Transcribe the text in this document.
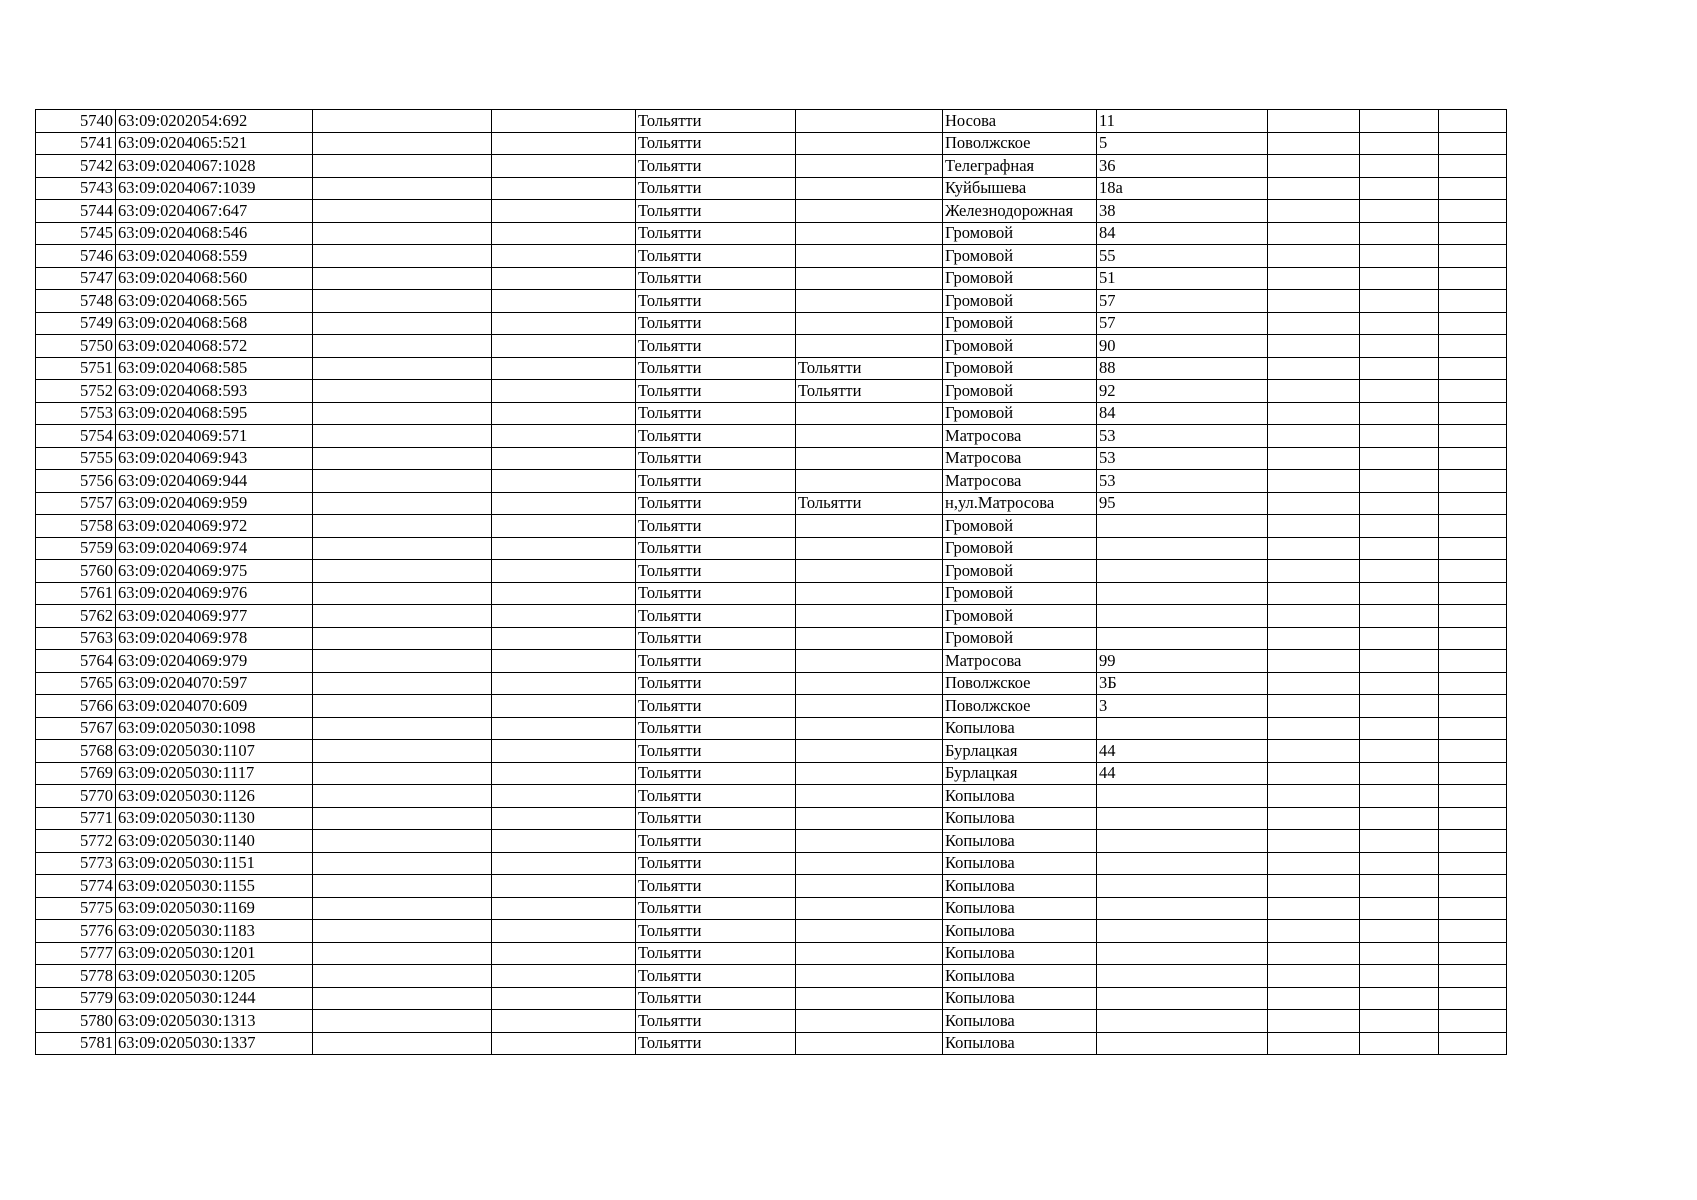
5740	63:09:0202054:692			Тольятти		Носова	11			
5741	63:09:0204065:521			Тольятти		Поволжское	5			
5742	63:09:0204067:1028			Тольятти		Телеграфная	36			
5743	63:09:0204067:1039			Тольятти		Куйбышева	18а			
5744	63:09:0204067:647			Тольятти		Железнодорожная	38			
5745	63:09:0204068:546			Тольятти		Громовой	84			
5746	63:09:0204068:559			Тольятти		Громовой	55			
5747	63:09:0204068:560			Тольятти		Громовой	51			
5748	63:09:0204068:565			Тольятти		Громовой	57			
5749	63:09:0204068:568			Тольятти		Громовой	57			
5750	63:09:0204068:572			Тольятти		Громовой	90			
5751	63:09:0204068:585			Тольятти	Тольятти	Громовой	88			
5752	63:09:0204068:593			Тольятти	Тольятти	Громовой	92			
5753	63:09:0204068:595			Тольятти		Громовой	84			
5754	63:09:0204069:571			Тольятти		Матросова	53			
5755	63:09:0204069:943			Тольятти		Матросова	53			
5756	63:09:0204069:944			Тольятти		Матросова	53			
5757	63:09:0204069:959			Тольятти	Тольятти	н,ул.Матросова	95			
5758	63:09:0204069:972			Тольятти		Громовой				
5759	63:09:0204069:974			Тольятти		Громовой				
5760	63:09:0204069:975			Тольятти		Громовой				
5761	63:09:0204069:976			Тольятти		Громовой				
5762	63:09:0204069:977			Тольятти		Громовой				
5763	63:09:0204069:978			Тольятти		Громовой				
5764	63:09:0204069:979			Тольятти		Матросова	99			
5765	63:09:0204070:597			Тольятти		Поволжское	3Б			
5766	63:09:0204070:609			Тольятти		Поволжское	3			
5767	63:09:0205030:1098			Тольятти		Копылова				
5768	63:09:0205030:1107			Тольятти		Бурлацкая	44			
5769	63:09:0205030:1117			Тольятти		Бурлацкая	44			
5770	63:09:0205030:1126			Тольятти		Копылова				
5771	63:09:0205030:1130			Тольятти		Копылова				
5772	63:09:0205030:1140			Тольятти		Копылова				
5773	63:09:0205030:1151			Тольятти		Копылова				
5774	63:09:0205030:1155			Тольятти		Копылова				
5775	63:09:0205030:1169			Тольятти		Копылова				
5776	63:09:0205030:1183			Тольятти		Копылова				
5777	63:09:0205030:1201			Тольятти		Копылова				
5778	63:09:0205030:1205			Тольятти		Копылова				
5779	63:09:0205030:1244			Тольятти		Копылова				
5780	63:09:0205030:1313			Тольятти		Копылова				
5781	63:09:0205030:1337			Тольятти		Копылова				
